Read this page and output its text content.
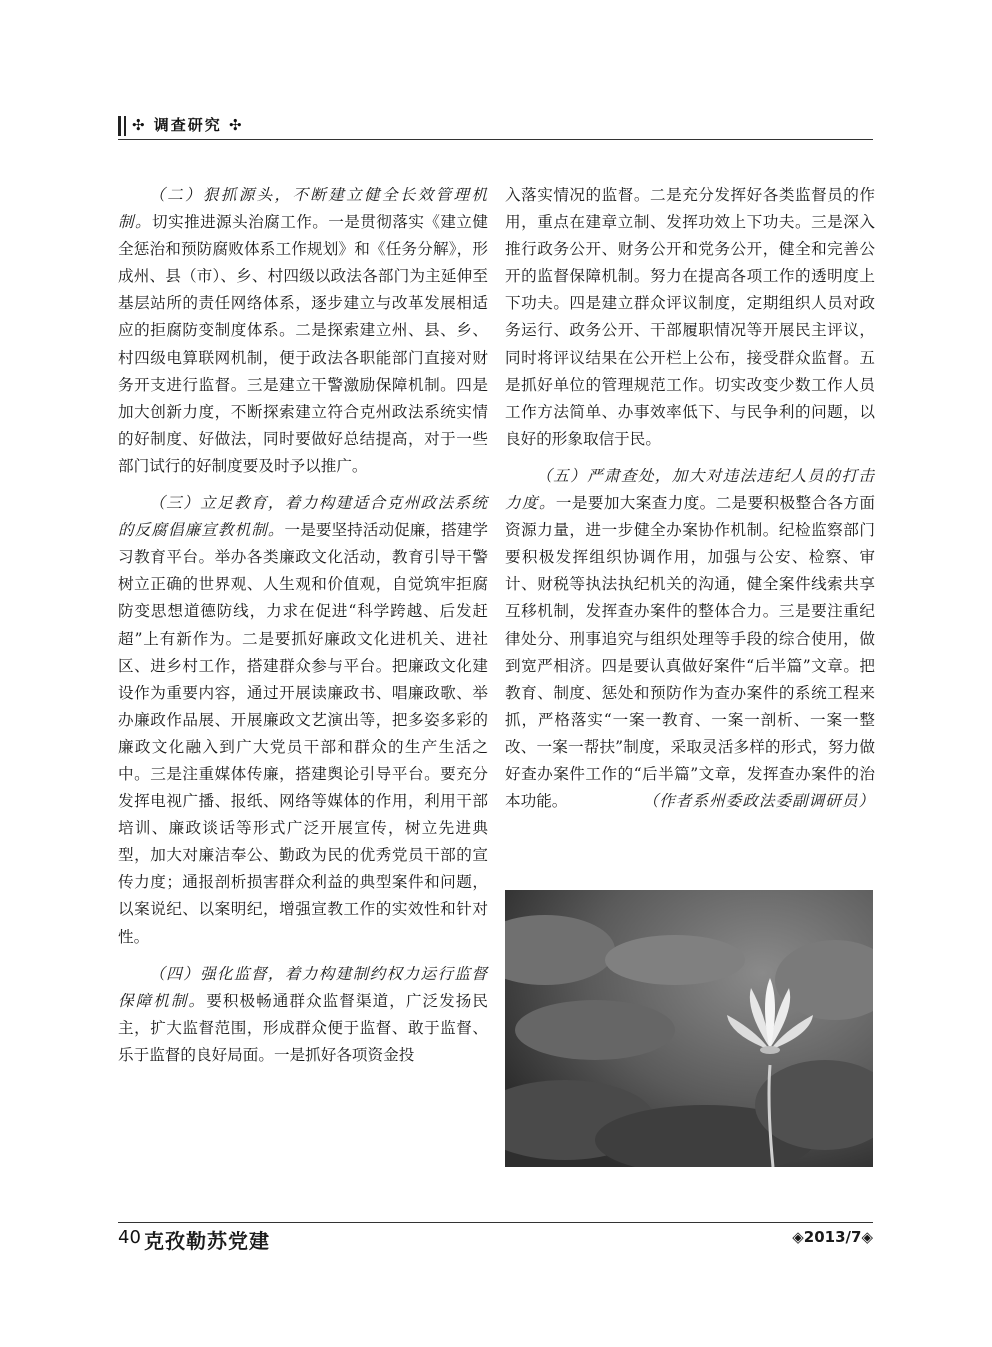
✣ 调查研究 ✣

（二）狠抓源头，不断建立健全长效管理机制。切实推进源头治腐工作。一是贯彻落实《建立健全惩治和预防腐败体系工作规划》和《任务分解》，形成州、县（市）、乡、村四级以政法各部门为主延伸至基层站所的责任网络体系，逐步建立与改革发展相适应的拒腐防变制度体系。二是探索建立州、县、乡、村四级电算联网机制，便于政法各职能部门直接对财务开支进行监督。三是建立干警激励保障机制。四是加大创新力度，不断探索建立符合克州政法系统实情的好制度、好做法，同时要做好总结提高，对于一些部门试行的好制度要及时予以推广。

（三）立足教育，着力构建适合克州政法系统的反腐倡廉宣教机制。一是要坚持活动促廉，搭建学习教育平台。举办各类廉政文化活动，教育引导干警树立正确的世界观、人生观和价值观，自觉筑牢拒腐防变思想道德防线，力求在促进“科学跨越、后发赶超”上有新作为。二是要抓好廉政文化进机关、进社区、进乡村工作，搭建群众参与平台。把廉政文化建设作为重要内容，通过开展读廉政书、唱廉政歌、举办廉政作品展、开展廉政文艺演出等，把多姿多彩的廉政文化融入到广大党员干部和群众的生产生活之中。三是注重媒体传廉，搭建舆论引导平台。要充分发挥电视广播、报纸、网络等媒体的作用，利用干部培训、廉政谈话等形式广泛开展宣传，树立先进典型，加大对廉洁奉公、勤政为民的优秀党员干部的宣传力度；通报剖析损害群众利益的典型案件和问题，以案说纪、以案明纪，增强宣教工作的实效性和针对性。

（四）强化监督，着力构建制约权力运行监督保障机制。要积极畅通群众监督渠道，广泛发扬民主，扩大监督范围，形成群众便于监督、敢于监督、乐于监督的良好局面。一是抓好各项资金投

入落实情况的监督。二是充分发挥好各类监督员的作用，重点在建章立制、发挥功效上下功夫。三是深入推行政务公开、财务公开和党务公开，健全和完善公开的监督保障机制。努力在提高各项工作的透明度上下功夫。四是建立群众评议制度，定期组织人员对政务运行、政务公开、干部履职情况等开展民主评议，同时将评议结果在公开栏上公布，接受群众监督。五是抓好单位的管理规范工作。切实改变少数工作人员工作方法简单、办事效率低下、与民争利的问题，以良好的形象取信于民。

（五）严肃查处，加大对违法违纪人员的打击力度。一是要加大案查力度。二是要积极整合各方面资源力量，进一步健全办案协作机制。纪检监察部门要积极发挥组织协调作用，加强与公安、检察、审计、财税等执法执纪机关的沟通，健全案件线索共享互移机制，发挥查办案件的整体合力。三是要注重纪律处分、刑事追究与组织处理等手段的综合使用，做到宽严相济。四是要认真做好案件“后半篇”文章。把教育、制度、惩处和预防作为查办案件的系统工程来抓，严格落实“一案一教育、一案一剖析、一案一整改、一案一帮扶”制度，采取灵活多样的形式，努力做好查办案件工作的“后半篇”文章，发挥查办案件的治本功能。	（作者系州委政法委副调研员）
40 克孜勒苏党建	◈2013/7◈
